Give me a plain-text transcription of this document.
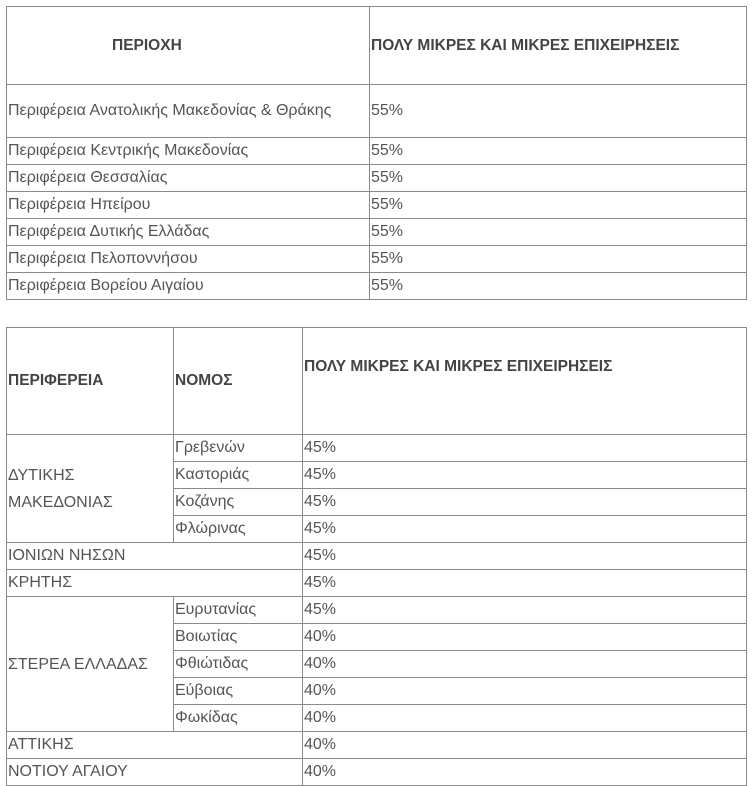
ΠΕΡΙΟΧΗ	ΠΟΛΥ ΜΙΚΡΕΣ ΚΑΙ ΜΙΚΡΕΣ ΕΠΙΧΕΙΡΗΣΕΙΣ
Περιφέρεια Ανατολικής Μακεδονίας & Θράκης	55%
Περιφέρεια Κεντρικής Μακεδονίας	55%
Περιφέρεια Θεσσαλίας	55%
Περιφέρεια Ηπείρου	55%
Περιφέρεια Δυτικής Ελλάδας	55%
Περιφέρεια Πελοποννήσου	55%
Περιφέρεια Βορείου Αιγαίου	55%
ΠΕΡΙΦΕΡΕΙΑ	ΝΟΜΟΣ	ΠΟΛΥ ΜΙΚΡΕΣ ΚΑΙ ΜΙΚΡΕΣ ΕΠΙΧΕΙΡΗΣΕΙΣ
ΔΥΤΙΚΗΣ ΜΑΚΕΔΟΝΙΑΣ	Γρεβενών	45%
	Καστοριάς	45%
	Κοζάνης	45%
	Φλώρινας	45%
ΙΟΝΙΩΝ ΝΗΣΩΝ		45%
ΚΡΗΤΗΣ		45%
ΣΤΕΡΕΑ ΕΛΛΑΔΑΣ	Ευρυτανίας	45%
	Βοιωτίας	40%
	Φθιώτιδας	40%
	Εύβοιας	40%
	Φωκίδας	40%
ΑΤΤΙΚΗΣ		40%
ΝΟΤΙΟΥ ΑΓΑΙΟΥ		40%
